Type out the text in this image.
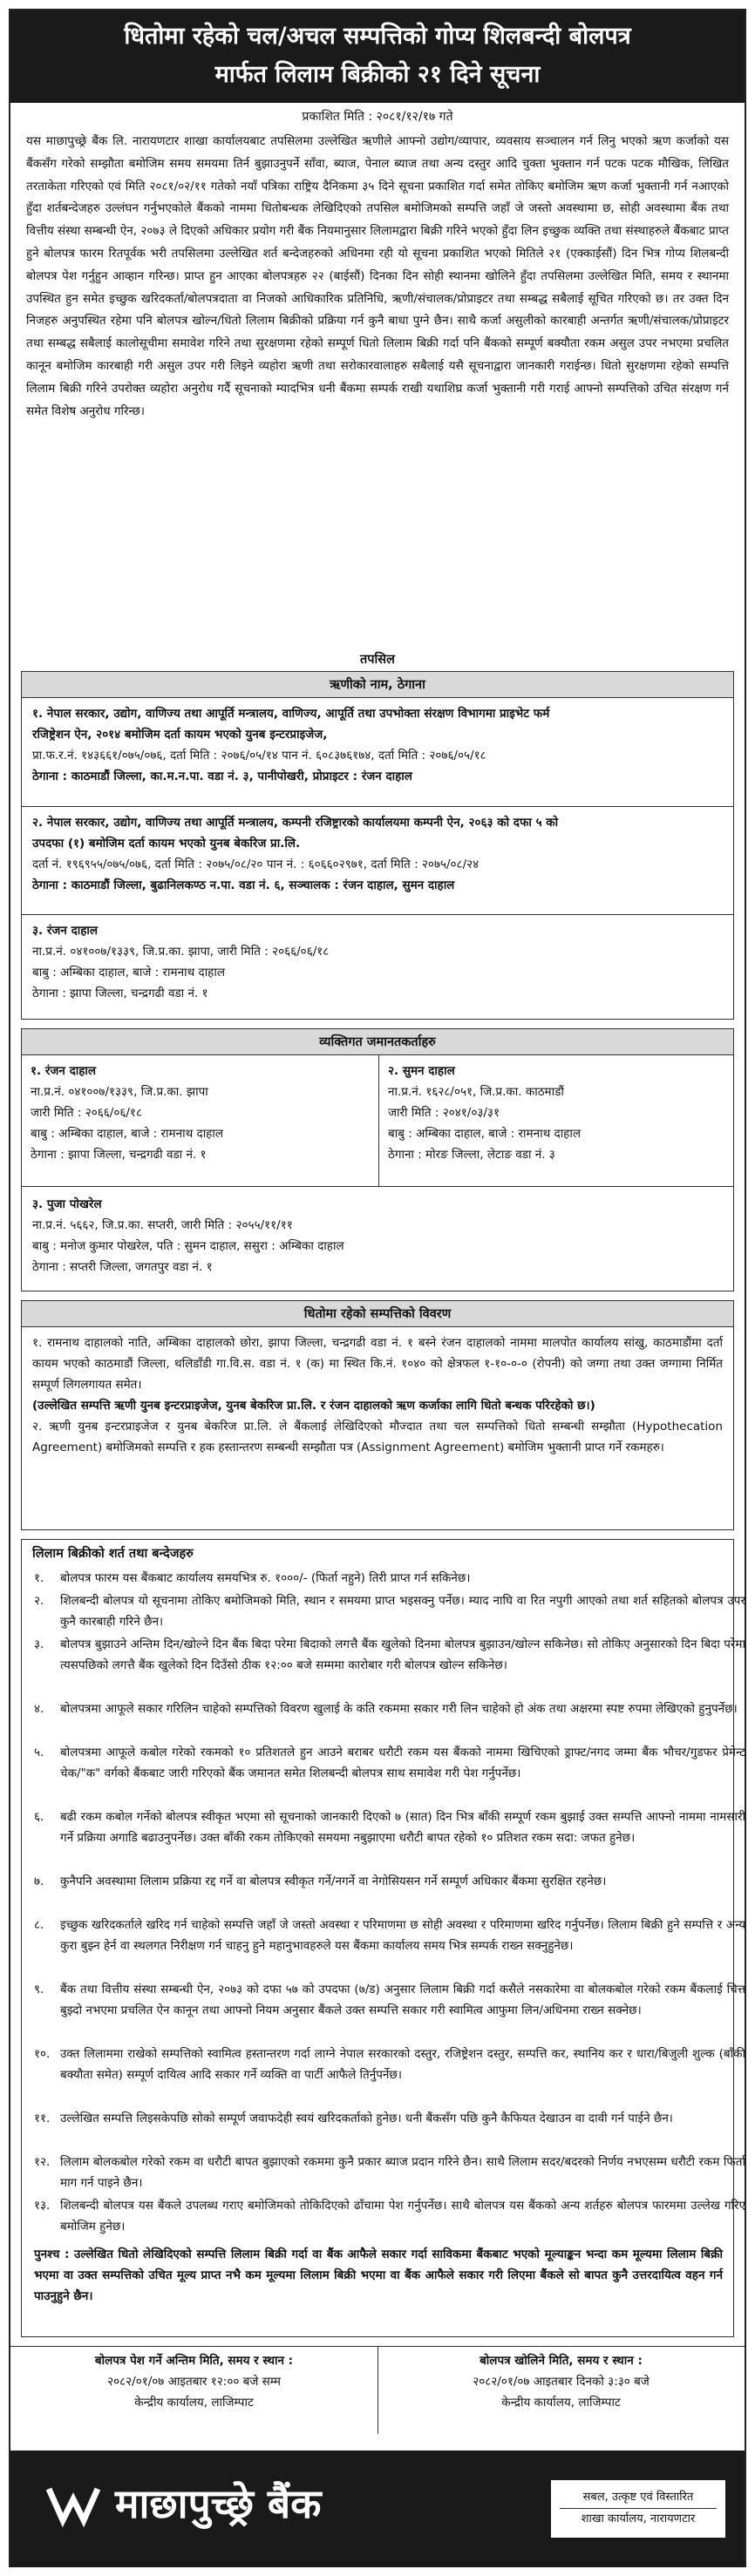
धितोमा रहेको चल/अचल सम्पत्तिको गोप्य शिलबन्दी बोलपत्र
मार्फत लिलाम बिक्रीको २१ दिने सूचना
प्रकाशित मिति : २०८१/१२/१७ गते
यस माछापुच्छ्रे बैंक लि. नारायणटार शाखा कार्यालयबाट तपसिलमा उल्लेखित ऋणीले आफ्नो उद्योग/व्यापार, व्यवसाय सञ्चालन गर्न लिनु भएको ऋण कर्जाको यस बैंकसँग गरेको सम्झौता बमोजिम समय समयमा तिर्न बुझाउनुपर्ने साँवा, ब्याज, पेनाल ब्याज तथा अन्य दस्तुर आदि चुक्ता भुक्तान गर्न पटक पटक मौखिक, लिखित तरताकेता गरिएको एवं मिति २०८१/०२/११ गतेको नयाँ पत्रिका राष्ट्रिय दैनिकमा ३५ दिने सूचना प्रकाशित गर्दा समेत तोकिए बमोजिम ऋण कर्जा भुक्तानी गर्न नआएको हुँदा शर्तबन्देजहरु उल्लंघन गर्नुभएकोले बैंकको नाममा धितोबन्धक लेखिदिएको तपसिल बमोजिमको सम्पत्ति जहाँ जे जस्तो अवस्थामा छ, सोही अवस्थामा बैंक तथा वित्तीय संस्था सम्बन्धी ऐन, २०७३ ले दिएको अधिकार प्रयोग गरी बैंक नियमानुसार लिलामद्वारा बिक्री गरिने भएको हुँदा लिन इच्छुक व्यक्ति तथा संस्थाहरुले बैंकबाट प्राप्त हुने बोलपत्र फारम रितपूर्वक भरी तपसिलमा उल्लेखित शर्त बन्देजहरुको अधिनमा रही यो सूचना प्रकाशित भएको मितिले २१ (एक्काईसौं) दिन भित्र गोप्य शिलबन्दी बोलपत्र पेश गर्नुहुन आव्हान गरिन्छ। प्राप्त हुन आएका बोलपत्रहरु २२ (बाईसौं) दिनका दिन सोही स्थानमा खोलिने हुँदा तपसिलमा उल्लेखित मिति, समय र स्थानमा उपस्थित हुन समेत इच्छुक खरिदकर्ता/बोलपत्रदाता वा निजको आधिकारिक प्रतिनिधि, ऋणी/संचालक/प्रोप्राइटर तथा सम्बद्ध सबैलाई सूचित गरिएको छ। तर उक्त दिन निजहरु अनुपस्थित रहेमा पनि बोलपत्र खोल्न/धितो लिलाम बिक्रीको प्रक्रिया गर्न कुनै बाधा पुग्ने छैन। साथै कर्जा असुलीको कारबाही अन्तर्गत ऋणी/संचालक/प्रोप्राइटर तथा सम्बद्ध सबैलाई कालोसूचीमा समावेश गरिने तथा सुरक्षणमा रहेको सम्पूर्ण धितो लिलाम बिक्री गर्दा पनि बैंकको सम्पूर्ण बक्यौता रकम असुल उपर नभएमा प्रचलित कानून बमोजिम कारबाही गरी असुल उपर गरी लिइने व्यहोरा ऋणी तथा सरोकारवालाहरु सबैलाई यसै सूचनाद्वारा जानकारी गराईन्छ। धितो सुरक्षणमा रहेको सम्पत्ति लिलाम बिक्री गरिने उपरोक्त व्यहोरा अनुरोध गर्दै सूचनाको म्यादभित्र धनी बैंकमा सम्पर्क राखी यथाशिघ्र कर्जा भुक्तानी गरी गराई आफ्नो सम्पत्तिको उचित संरक्षण गर्न समेत विशेष अनुरोध गरिन्छ।
तपसिल
ऋणीको नाम, ठेगाना

१. नेपाल सरकार, उद्योग, वाणिज्य तथा आपूर्ति मन्त्रालय, वाणिज्य, आपूर्ति तथा उपभोक्ता संरक्षण विभागमा प्राइभेट फर्म

रजिष्ट्रेशन ऐन, २०१४ बमोजिम दर्ता कायम भएको युनब इन्टरप्राइजेज,

प्रा.फ.र.नं. १४३६६१/०७५/०७६, दर्ता मिति : २०७६/०५/१४ पान नं. ६०८३७६१७४, दर्ता मिति : २०७६/०५/१८

ठेगाना : काठमाडौं जिल्ला, का.म.न.पा. वडा नं. ३, पानीपोखरी, प्रोप्राइटर : रंजन दाहाल

२. नेपाल सरकार, उद्योग, वाणिज्य तथा आपूर्ति मन्त्रालय, कम्पनी रजिष्ट्रारको कार्यालयमा कम्पनी ऐन, २०६३ को दफा ५ को

उपदफा (१) बमोजिम दर्ता कायम भएको युनब बेकरिज प्रा.लि.

दर्ता नं. १९६९५५/०७५/०७६, दर्ता मिति : २०७५/०८/२० पान नं. : ६०६६०२९७१, दर्ता मिति : २०७५/०८/२४

ठेगाना : काठमाडौं जिल्ला, बुढानिलकण्ठ न.पा. वडा नं. ६, सञ्चालक : रंजन दाहाल, सुमन दाहाल

३. रंजन दाहाल

ना.प्र.नं. ०४१००७/१३३९, जि.प्र.का. झापा, जारी मिति : २०६६/०६/१८

बाबु : अम्बिका दाहाल, बाजे : रामनाथ दाहाल

ठेगाना : झापा जिल्ला, चन्द्रगढी वडा नं. १

व्यक्तिगत जमानतकर्ताहरु

१. रंजन दाहाल

ना.प्र.नं. ०४१००७/१३३९, जि.प्र.का. झापा

जारी मिति : २०६६/०६/१८

बाबु : अम्बिका दाहाल, बाजे : रामनाथ दाहाल

ठेगाना : झापा जिल्ला, चन्द्रगढी वडा नं. १

२. सुमन दाहाल

ना.प्र.नं. १६२८/०५१, जि.प्र.का. काठमाडौं

जारी मिति : २०४१/०३/३१

बाबु : अम्बिका दाहाल, बाजे : रामनाथ दाहाल

ठेगाना : मोरङ जिल्ला, लेटाङ वडा नं. ३

३. पुजा पोखरेल

ना.प्र.नं. ५६६२, जि.प्र.का. सप्तरी, जारी मिति : २०५५/११/११

बाबु : मनोज कुमार पोखरेल, पति : सुमन दाहाल, ससुरा : अम्बिका दाहाल

ठेगाना : सप्तरी जिल्ला, जगतपुर वडा नं. १

धितोमा रहेको सम्पत्तिको विवरण

१. रामनाथ दाहालको नाति, अम्बिका दाहालको छोरा, झापा जिल्ला, चन्द्रगढी वडा नं. १ बस्ने रंजन दाहालको नाममा मालपोत कार्यालय सांखु, काठमाडौंमा दर्ता कायम भएको काठमाडौं जिल्ला, थलिडाँडी गा.वि.स. वडा नं. १ (क) मा स्थित कि.नं. १०४० को क्षेत्रफल १-१०-०-० (रोपनी) को जग्गा तथा उक्त जग्गामा निर्मित सम्पूर्ण लिगलगायत समेत।

(उल्लेखित सम्पत्ति ऋणी युनब इन्टरप्राइजेज, युनब बेकरिज प्रा.लि. र रंजन दाहालको ऋण कर्जाका लागि धितो बन्धक परिरहेको छ।)

२. ऋणी युनब इन्टरप्राइजेज र युनब बेकरिज प्रा.लि. ले बैंकलाई लेखिदिएको मौज्दात तथा चल सम्पत्तिको धितो सम्बन्धी सम्झौता (Hypothecation Agreement) बमोजिमको सम्पत्ति र हक हस्तान्तरण सम्बन्धी सम्झौता पत्र (Assignment Agreement) बमोजिम भुक्तानी प्राप्त गर्ने रकमहरु।

लिलाम बिक्रीको शर्त तथा बन्देजहरु
१.	बोलपत्र फारम यस बैंकबाट कार्यालय समयभित्र रु. १०००/- (फिर्ता नहुने) तिरी प्राप्त गर्न सकिनेछ।
२.	शिलबन्दी बोलपत्र यो सूचनामा तोकिए बमोजिमको मिति, स्थान र समयमा प्राप्त भइसक्नु पर्नेछ। म्याद नाघि वा रित नपुगी आएको तथा शर्त सहितको बोलपत्र उपर कुनै कारबाही गरिने छैन।
३.	बोलपत्र बुझाउने अन्तिम दिन/खोल्ने दिन बैंक बिदा परेमा बिदाको लगत्तै बैंक खुलेको दिनमा बोलपत्र बुझाउन/खोल्न सकिनेछ। सो तोकिए अनुसारको दिन बिदा परेमा त्यसपछिको लगत्तै बैंक खुलेको दिन दिउँसो ठीक १२:०० बजे सम्ममा कारोबार गरी बोलपत्र खोल्न सकिनेछ।
४.	बोलपत्रमा आफूले सकार गरिलिन चाहेको सम्पत्तिको विवरण खुलाई के कति रकममा सकार गरी लिन चाहेको हो अंक तथा अक्षरमा स्पष्ट रुपमा लेखिएको हुनुपर्नेछ।
५.	बोलपत्रमा आफूले कबोल गरेको रकमको १० प्रतिशतले हुन आउने बराबर धरौटी रकम यस बैंकको नाममा खिचिएको ड्राफ्ट/नगद जम्मा बैंक भौचर/गुडफर प्रेमेन्ट चेक/"क" वर्गको बैंकबाट जारी गरिएको बैंक जमानत समेत शिलबन्दी बोलपत्र साथ समावेश गरी पेश गर्नुपर्नेछ।
६.	बढी रकम कबोल गर्नेको बोलपत्र स्वीकृत भएमा सो सूचनाको जानकारी दिएको ७ (सात) दिन भित्र बाँकी सम्पूर्ण रकम बुझाई उक्त सम्पत्ति आफ्नो नाममा नामसारी गर्ने प्रक्रिया अगाडि बढाउनुपर्नेछ। उक्त बाँकी रकम तोकिएको समयमा नबुझाएमा धरौटी बापत रहेको १० प्रतिशत रकम सदा: जफत हुनेछ।
७.	कुनैपनि अवस्थामा लिलाम प्रक्रिया रद्द गर्ने वा बोलपत्र स्वीकृत गर्ने/नगर्ने वा नेगोसियसन गर्ने सम्पूर्ण अधिकार बैंकमा सुरक्षित रहनेछ।
८.	इच्छुक खरिदकर्ताले खरिद गर्न चाहेको सम्पत्ति जहाँ जे जस्तो अवस्था र परिमाणमा छ सोही अवस्था र परिमाणमा खरिद गर्नुपर्नेछ। लिलाम बिक्री हुने सम्पत्ति र अन्य कुरा बुझ्न हेर्न वा स्थलगत निरीक्षण गर्न चाहनु हुने महानुभावहरुले यस बैंकमा कार्यालय समय भित्र सम्पर्क राख्न सक्नुहुनेछ।
९.	बैंक तथा वित्तीय संस्था सम्बन्धी ऐन, २०७३ को दफा ५७ को उपदफा (७/ड) अनुसार लिलाम बिक्री गर्दा कसैले नसकारेमा वा बोलकबोल गरेको रकम बैंकलाई चित्त बुझ्दो नभएमा प्रचलित ऐन कानून तथा आफ्नो नियम अनुसार बैंकले उक्त सम्पत्ति सकार गरी स्वामित्व आफुमा लिन/अधिनमा राख्न सक्नेछ।
१०. उक्त लिलाममा राखेको सम्पत्तिको स्वामित्व हस्तान्तरण गर्दा लाग्ने नेपाल सरकारको दस्तुर, रजिष्ट्रेशन दस्तुर, सम्पत्ति कर, स्थानिय कर र धारा/बिजुली शुल्क (बाँकी बक्यौता समेत) सम्पूर्ण दायित्व आदि सकार गर्ने व्यक्ति वा पार्टी आफैले तिर्नुपर्नेछ।
११. उल्लेखित सम्पत्ति लिइसकेपछि सोको सम्पूर्ण जवाफदेही स्वयं खरिदकर्ताको हुनेछ। धनी बैंकसँग पछि कुनै कैफियत देखाउन वा दावी गर्न पाईने छैन।
१२. लिलाम बोलकबोल गरेको रकम वा धरौटी बापत बुझाएको रकममा कुनै प्रकार ब्याज प्रदान गरिने छैन। साथै लिलाम सदर/बदरको निर्णय नभएसम्म धरौटी रकम फिर्ता माग गर्न पाइने छैन।
१३. शिलबन्दी बोलपत्र यस बैंकले उपलब्ध गराए बमोजिमको तोकिदिएको ढाँचामा पेश गर्नुपर्नेछ। साथै बोलपत्र यस बैंकको अन्य शर्तहरु बोलपत्र फारममा उल्लेख गरिए बमोजिम हुनेछ।
पुनश्च : उल्लेखित धितो लेखिदिएको सम्पत्ति लिलाम बिक्री गर्दा वा बैंक आफैले सकार गर्दा साविकमा बैंकबाट भएको मूल्याङ्कन भन्दा कम मूल्यमा लिलाम बिक्री भएमा वा उक्त सम्पत्तिको उचित मूल्य प्राप्त नभै कम मूल्यमा लिलाम बिक्री भएमा वा बैंक आफैले सकार गरी लिएमा बैंकले सो बापत कुनै उत्तरदायित्व वहन गर्न पाउनुहुने छैन।
बोलपत्र पेश गर्ने अन्तिम मिति, समय र स्थान :
२०८२/०१/०७ आइतबार १२:०० बजे सम्म
केन्द्रीय कार्यालय, लाजिम्पाट
बोलपत्र खोलिने मिति, समय र स्थान :
२०८२/०१/०७ आइतबार दिनको ३:३० बजे
केन्द्रीय कार्यालय, लाजिम्पाट
माछापुच्छ्रे बैंक	सबल, उत्कृष्ट एवं विस्तारित
शाखा कार्यालय, नारायणटार
